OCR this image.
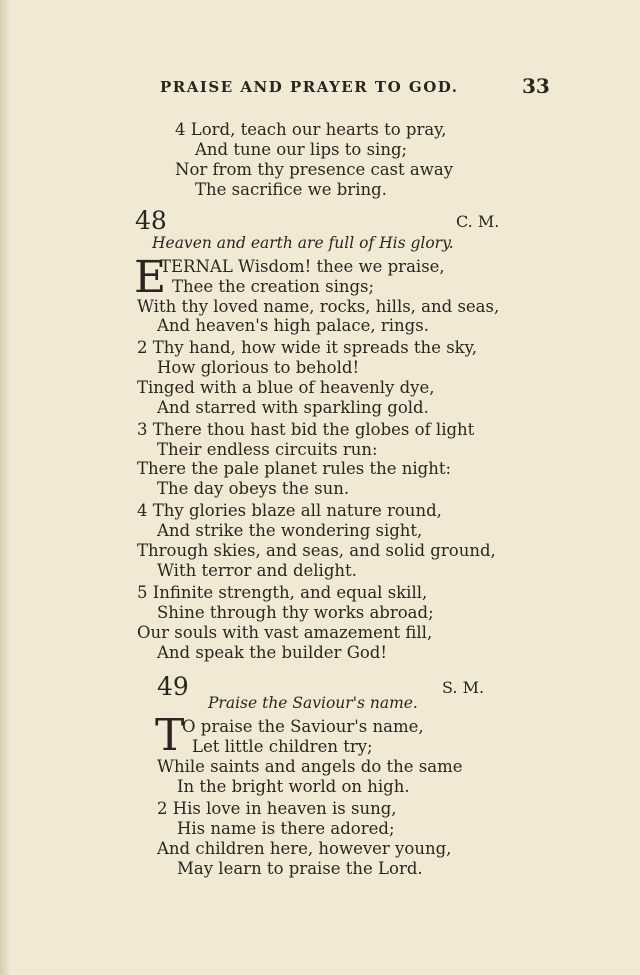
PRAISE AND PRAYER TO GOD.	33
4 Lord, teach our hearts to pray,
And tune our lips to sing;
Nor from thy presence cast away
The sacrifice we bring.
48	C. M.
Heaven and earth are full of His glory.
E
TERNAL Wisdom! thee we praise,
Thee the creation sings;
With thy loved name, rocks, hills, and seas,
And heaven's high palace, rings.
2 Thy hand, how wide it spreads the sky,
How glorious to behold!
Tinged with a blue of heavenly dye,
And starred with sparkling gold.
3 There thou hast bid the globes of light
Their endless circuits run:
There the pale planet rules the night:
The day obeys the sun.
4 Thy glories blaze all nature round,
And strike the wondering sight,
Through skies, and seas, and solid ground,
With terror and delight.
5 Infinite strength, and equal skill,
Shine through thy works abroad;
Our souls with vast amazement fill,
And speak the builder God!
49	S. M.
Praise the Saviour's name.
T
O praise the Saviour's name,
Let little children try;
While saints and angels do the same
In the bright world on high.
2 His love in heaven is sung,
His name is there adored;
And children here, however young,
May learn to praise the Lord.
